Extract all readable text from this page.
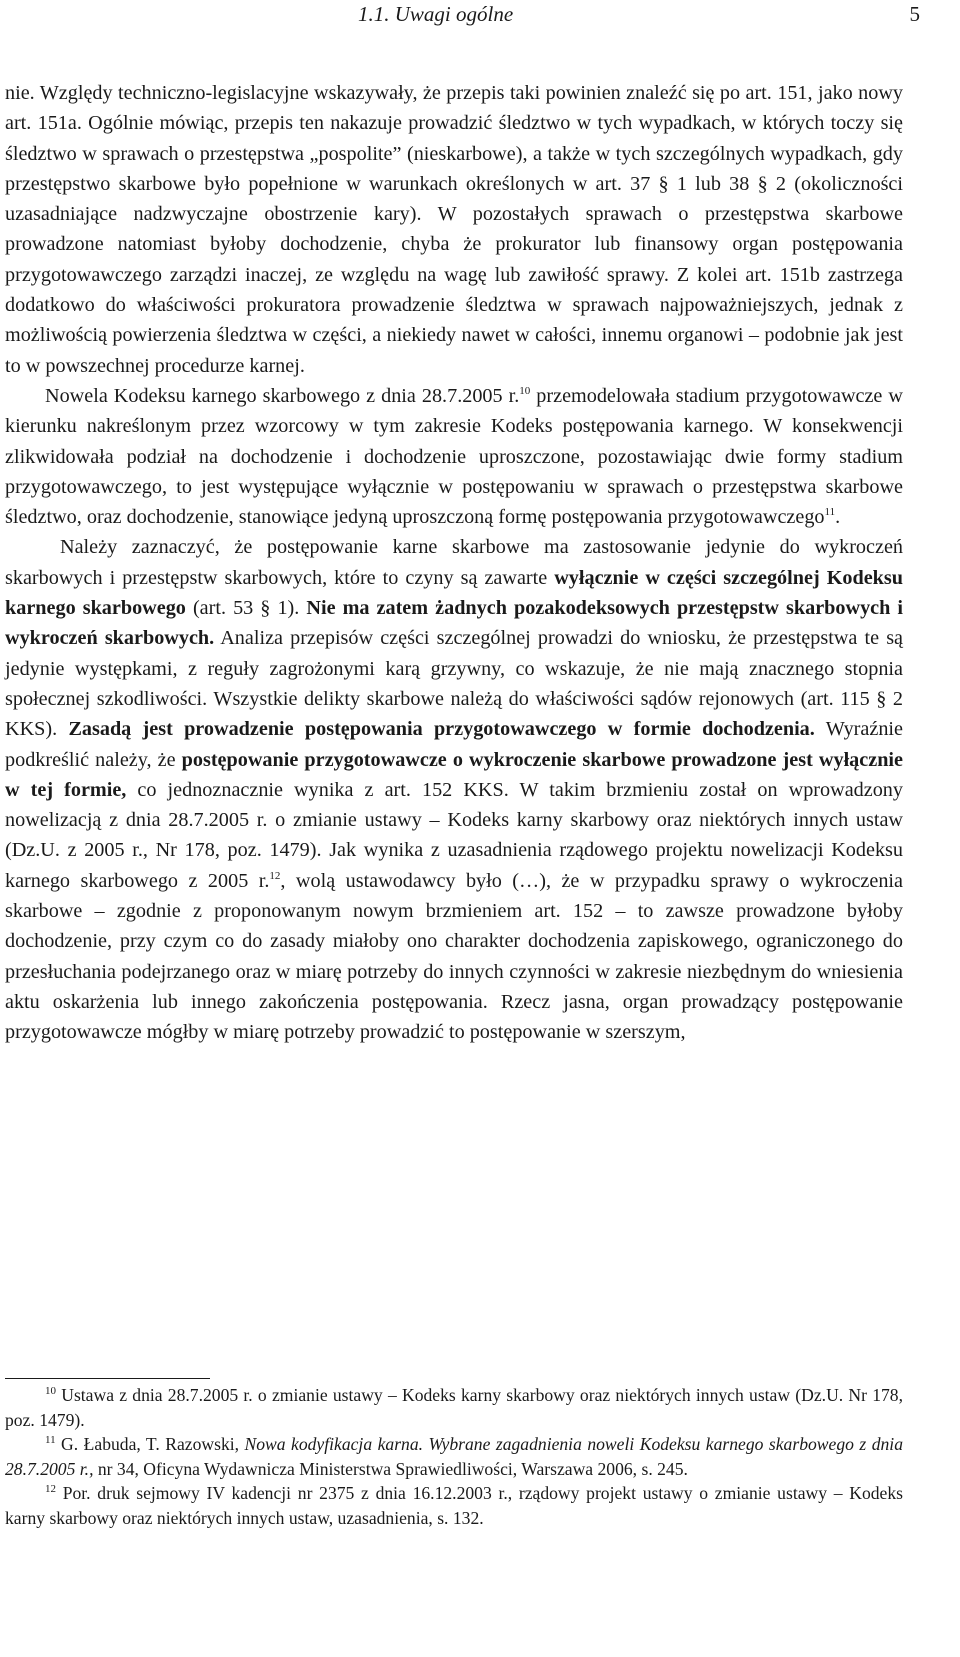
1.1. Uwagi ogólne	5

nie. Względy techniczno-legislacyjne wskazywały, że przepis taki powinien znaleźć się po art. 151, jako nowy art. 151a. Ogólnie mówiąc, przepis ten nakazuje prowadzić śledztwo w tych wypadkach, w których toczy się śledztwo w sprawach o przestępstwa „pospolite” (nieskarbowe), a także w tych szczególnych wypadkach, gdy przestępstwo skarbowe było popełnione w warunkach określonych w art. 37 § 1 lub 38 § 2 (okoliczności uzasadniające nadzwyczajne obostrzenie kary). W pozostałych sprawach o przestępstwa skarbowe prowadzone natomiast byłoby dochodzenie, chyba że prokurator lub finansowy organ postępowania przygotowawczego zarządzi inaczej, ze względu na wagę lub zawiłość sprawy. Z kolei art. 151b zastrzega dodatkowo do właściwości prokuratora prowadzenie śledztwa w sprawach najpoważniejszych, jednak z możliwością powierzenia śledztwa w części, a niekiedy nawet w całości, innemu organowi – podobnie jak jest to w powszechnej procedurze karnej.

Nowela Kodeksu karnego skarbowego z dnia 28.7.2005 r.$^{10}$ przemodelowała stadium przygotowawcze w kierunku nakreślonym przez wzorcowy w tym zakresie Kodeks postępowania karnego. W konsekwencji zlikwidowała podział na dochodzenie i dochodzenie uproszczone, pozostawiając dwie formy stadium przygotowawczego, to jest występujące wyłącznie w postępowaniu w sprawach o przestępstwa skarbowe śledztwo, oraz dochodzenie, stanowiące jedyną uproszczoną formę postępowania przygotowawczego$^{11}$.

Należy zaznaczyć, że postępowanie karne skarbowe ma zastosowanie jedynie do wykroczeń skarbowych i przestępstw skarbowych, które to czyny są zawarte wyłącznie w części szczególnej Kodeksu karnego skarbowego (art. 53 § 1). Nie ma zatem żadnych pozakodeksowych przestępstw skarbowych i wykroczeń skarbowych. Analiza przepisów części szczególnej prowadzi do wniosku, że przestępstwa te są jedynie występkami, z reguły zagrożonymi karą grzywny, co wskazuje, że nie mają znacznego stopnia społecznej szkodliwości. Wszystkie delikty skarbowe należą do właściwości sądów rejonowych (art. 115 § 2 KKS). Zasadą jest prowadzenie postępowania przygotowawczego w formie dochodzenia. Wyraźnie podkreślić należy, że postępowanie przygotowawcze o wykroczenie skarbowe prowadzone jest wyłącznie w tej formie, co jednoznacznie wynika z art. 152 KKS. W takim brzmieniu został on wprowadzony nowelizacją z dnia 28.7.2005 r. o zmianie ustawy – Kodeks karny skarbowy oraz niektórych innych ustaw (Dz.U. z 2005 r., Nr 178, poz. 1479). Jak wynika z uzasadnienia rządowego projektu nowelizacji Kodeksu karnego skarbowego z 2005 r.$^{12}$, wolą ustawodawcy było (…), że w przypadku sprawy o wykroczenia skarbowe – zgodnie z proponowanym nowym brzmieniem art. 152 – to zawsze prowadzone byłoby dochodzenie, przy czym co do zasady miałoby ono charakter dochodzenia zapiskowego, ograniczonego do przesłuchania podejrzanego oraz w miarę potrzeby do innych czynności w zakresie niezbędnym do wniesienia aktu oskarżenia lub innego zakończenia postępowania. Rzecz jasna, organ prowadzący postępowanie przygotowawcze mógłby w miarę potrzeby prowadzić to postępowanie w szerszym,

$^{10}$ Ustawa z dnia 28.7.2005 r. o zmianie ustawy – Kodeks karny skarbowy oraz niektórych innych ustaw (Dz.U. Nr 178, poz. 1479).

$^{11}$ G. Łabuda, T. Razowski, Nowa kodyfikacja karna. Wybrane zagadnienia noweli Kodeksu karnego skarbowego z dnia 28.7.2005 r., nr 34, Oficyna Wydawnicza Ministerstwa Sprawiedliwości, Warszawa 2006, s. 245.

$^{12}$ Por. druk sejmowy IV kadencji nr 2375 z dnia 16.12.2003 r., rządowy projekt ustawy o zmianie ustawy – Kodeks karny skarbowy oraz niektórych innych ustaw, uzasadnienia, s. 132.
